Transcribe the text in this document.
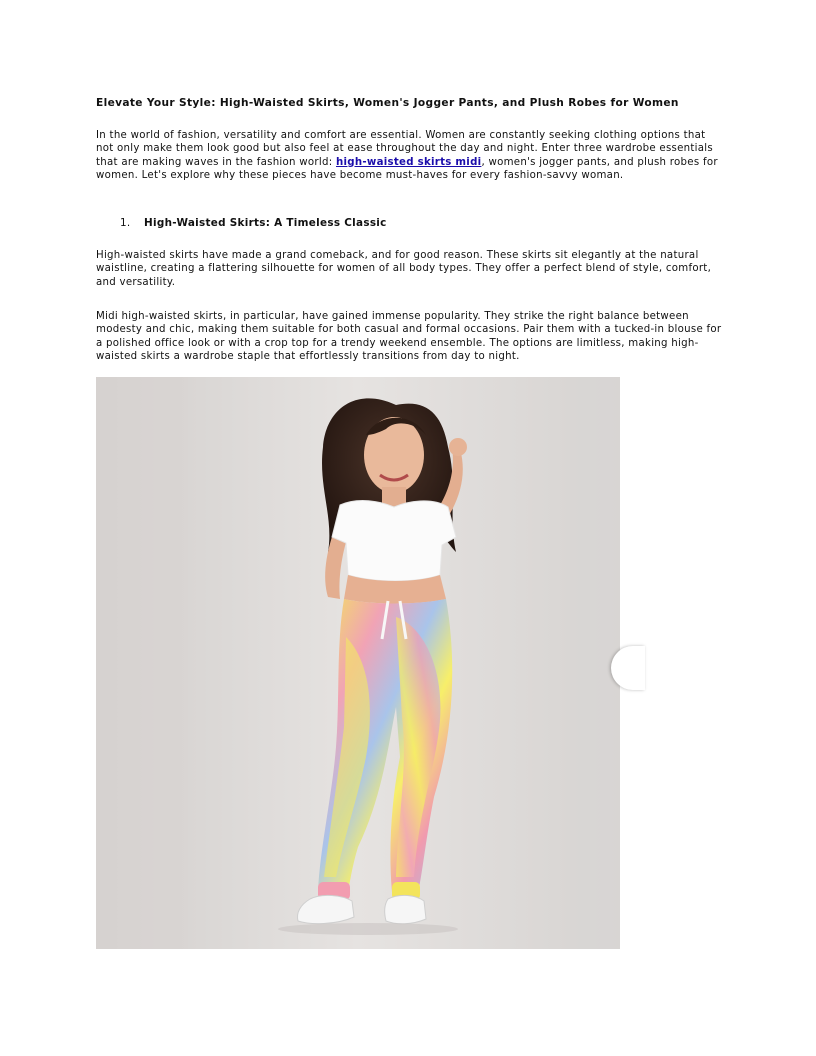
Elevate Your Style: High-Waisted Skirts, Women's Jogger Pants, and Plush Robes for Women

In the world of fashion, versatility and comfort are essential. Women are constantly seeking clothing options that not only make them look good but also feel at ease throughout the day and night. Enter three wardrobe essentials that are making waves in the fashion world: high-waisted skirts midi, women's jogger pants, and plush robes for women. Let's explore why these pieces have become must-haves for every fashion-savvy woman.

1. High-Waisted Skirts: A Timeless Classic

High-waisted skirts have made a grand comeback, and for good reason. These skirts sit elegantly at the natural waistline, creating a flattering silhouette for women of all body types. They offer a perfect blend of style, comfort, and versatility.

Midi high-waisted skirts, in particular, have gained immense popularity. They strike the right balance between modesty and chic, making them suitable for both casual and formal occasions. Pair them with a tucked-in blouse for a polished office look or with a crop top for a trendy weekend ensemble. The options are limitless, making high-waisted skirts a wardrobe staple that effortlessly transitions from day to night.
